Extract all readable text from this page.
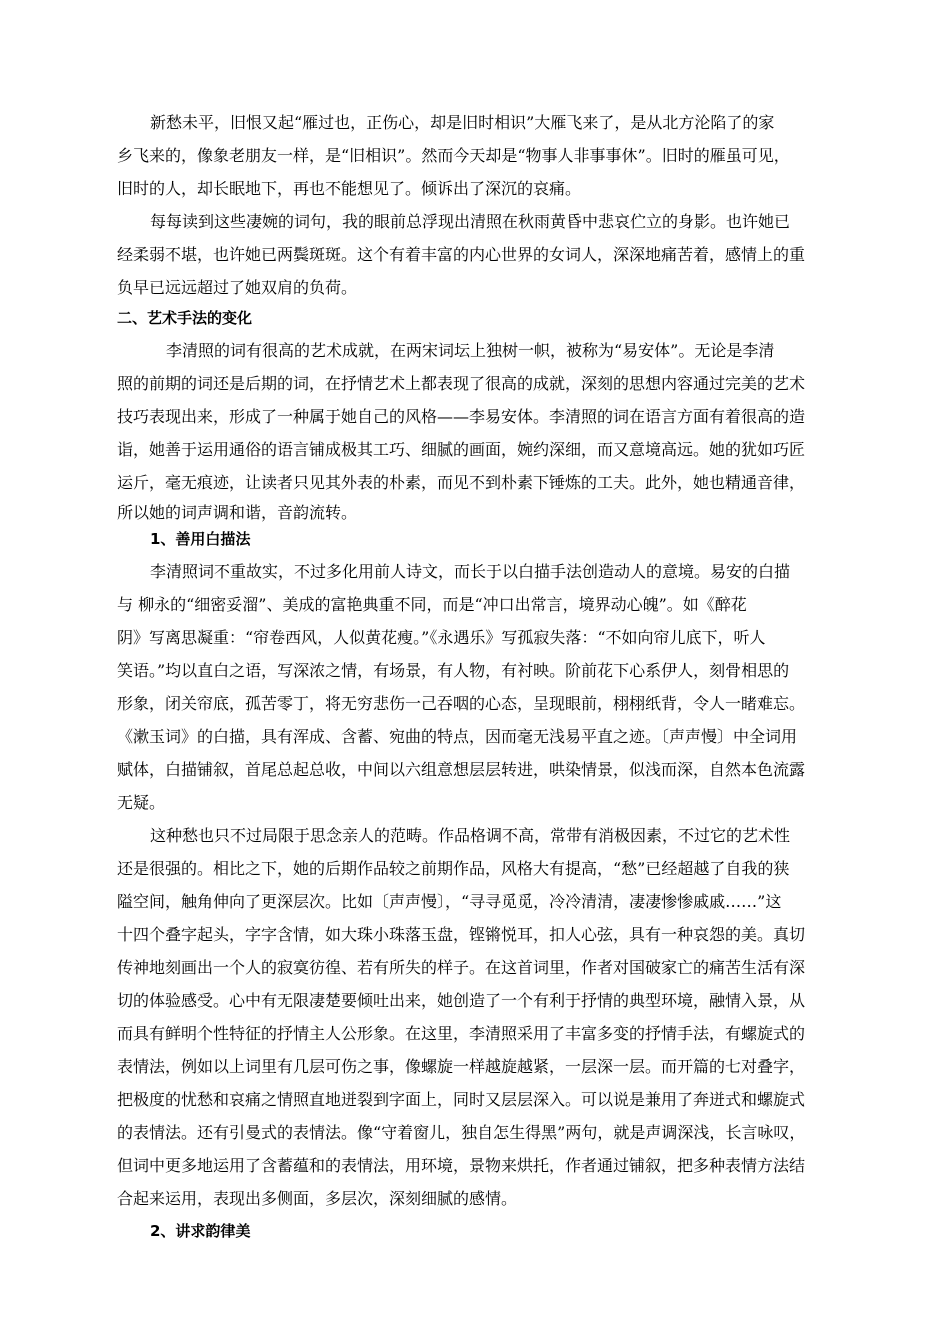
新愁未平，旧恨又起“雁过也，正伤心，却是旧时相识”大雁飞来了，是从北方沦陷了的家
乡飞来的，像象老朋友一样，是“旧相识”。然而今天却是“物事人非事事休”。旧时的雁虽可见，
旧时的人，却长眠地下，再也不能想见了。倾诉出了深沉的哀痛。
每每读到这些凄婉的词句，我的眼前总浮现出清照在秋雨黄昏中悲哀伫立的身影。也许她已
经柔弱不堪，也许她已两鬓斑斑。这个有着丰富的内心世界的女词人，深深地痛苦着，感情上的重
负早已远远超过了她双肩的负荷。
二、艺术手法的变化
李清照的词有很高的艺术成就，在两宋词坛上独树一帜，被称为“易安体”。无论是李清
照的前期的词还是后期的词，在抒情艺术上都表现了很高的成就，深刻的思想内容通过完美的艺术
技巧表现出来，形成了一种属于她自己的风格——李易安体。李清照的词在语言方面有着很高的造
诣，她善于运用通俗的语言铺成极其工巧、细腻的画面，婉约深细，而又意境高远。她的犹如巧匠
运斤，毫无痕迹，让读者只见其外表的朴素，而见不到朴素下锤炼的工夫。此外，她也精通音律，
所以她的词声调和谐，音韵流转。
1、善用白描法
李清照词不重故实，不过多化用前人诗文，而长于以白描手法创造动人的意境。易安的白描
与 柳永的“细密妥溜”、美成的富艳典重不同，而是“冲口出常言，境界动心魄”。如《醉花
阴》写离思凝重：“帘卷西风，人似黄花瘦。”《永遇乐》写孤寂失落：“不如向帘儿底下，听人
笑语。”均以直白之语，写深浓之情，有场景，有人物，有衬映。阶前花下心系伊人，刻骨相思的
形象，闭关帘底，孤苦零丁，将无穷悲伤一己吞咽的心态，呈现眼前，栩栩纸背，令人一睹难忘。
《漱玉词》的白描，具有浑成、含蓄、宛曲的特点，因而毫无浅易平直之迹。〔声声慢〕中全词用
赋体，白描铺叙，首尾总起总收，中间以六组意想层层转进，哄染情景，似浅而深，自然本色流露
无疑。
这种愁也只不过局限于思念亲人的范畴。作品格调不高，常带有消极因素，不过它的艺术性
还是很强的。相比之下，她的后期作品较之前期作品，风格大有提高，“愁”已经超越了自我的狭
隘空间，触角伸向了更深层次。比如〔声声慢〕，“寻寻觅觅，冷冷清清，凄凄惨惨戚戚……”这
十四个叠字起头，字字含情，如大珠小珠落玉盘，铿锵悦耳，扣人心弦，具有一种哀怨的美。真切
传神地刻画出一个人的寂寞彷徨、若有所失的样子。在这首词里，作者对国破家亡的痛苦生活有深
切的体验感受。心中有无限凄楚要倾吐出来，她创造了一个有利于抒情的典型环境，融情入景，从
而具有鲜明个性特征的抒情主人公形象。在这里，李清照采用了丰富多变的抒情手法，有螺旋式的
表情法，例如以上词里有几层可伤之事，像螺旋一样越旋越紧，一层深一层。而开篇的七对叠字，
把极度的忧愁和哀痛之情照直地迸裂到字面上，同时又层层深入。可以说是兼用了奔迸式和螺旋式
的表情法。还有引曼式的表情法。像“守着窗儿，独自怎生得黑”两句，就是声调深浅，长言咏叹，
但词中更多地运用了含蓄蕴和的表情法，用环境，景物来烘托，作者通过铺叙，把多种表情方法结
合起来运用，表现出多侧面，多层次，深刻细腻的感情。
2、讲求韵律美
